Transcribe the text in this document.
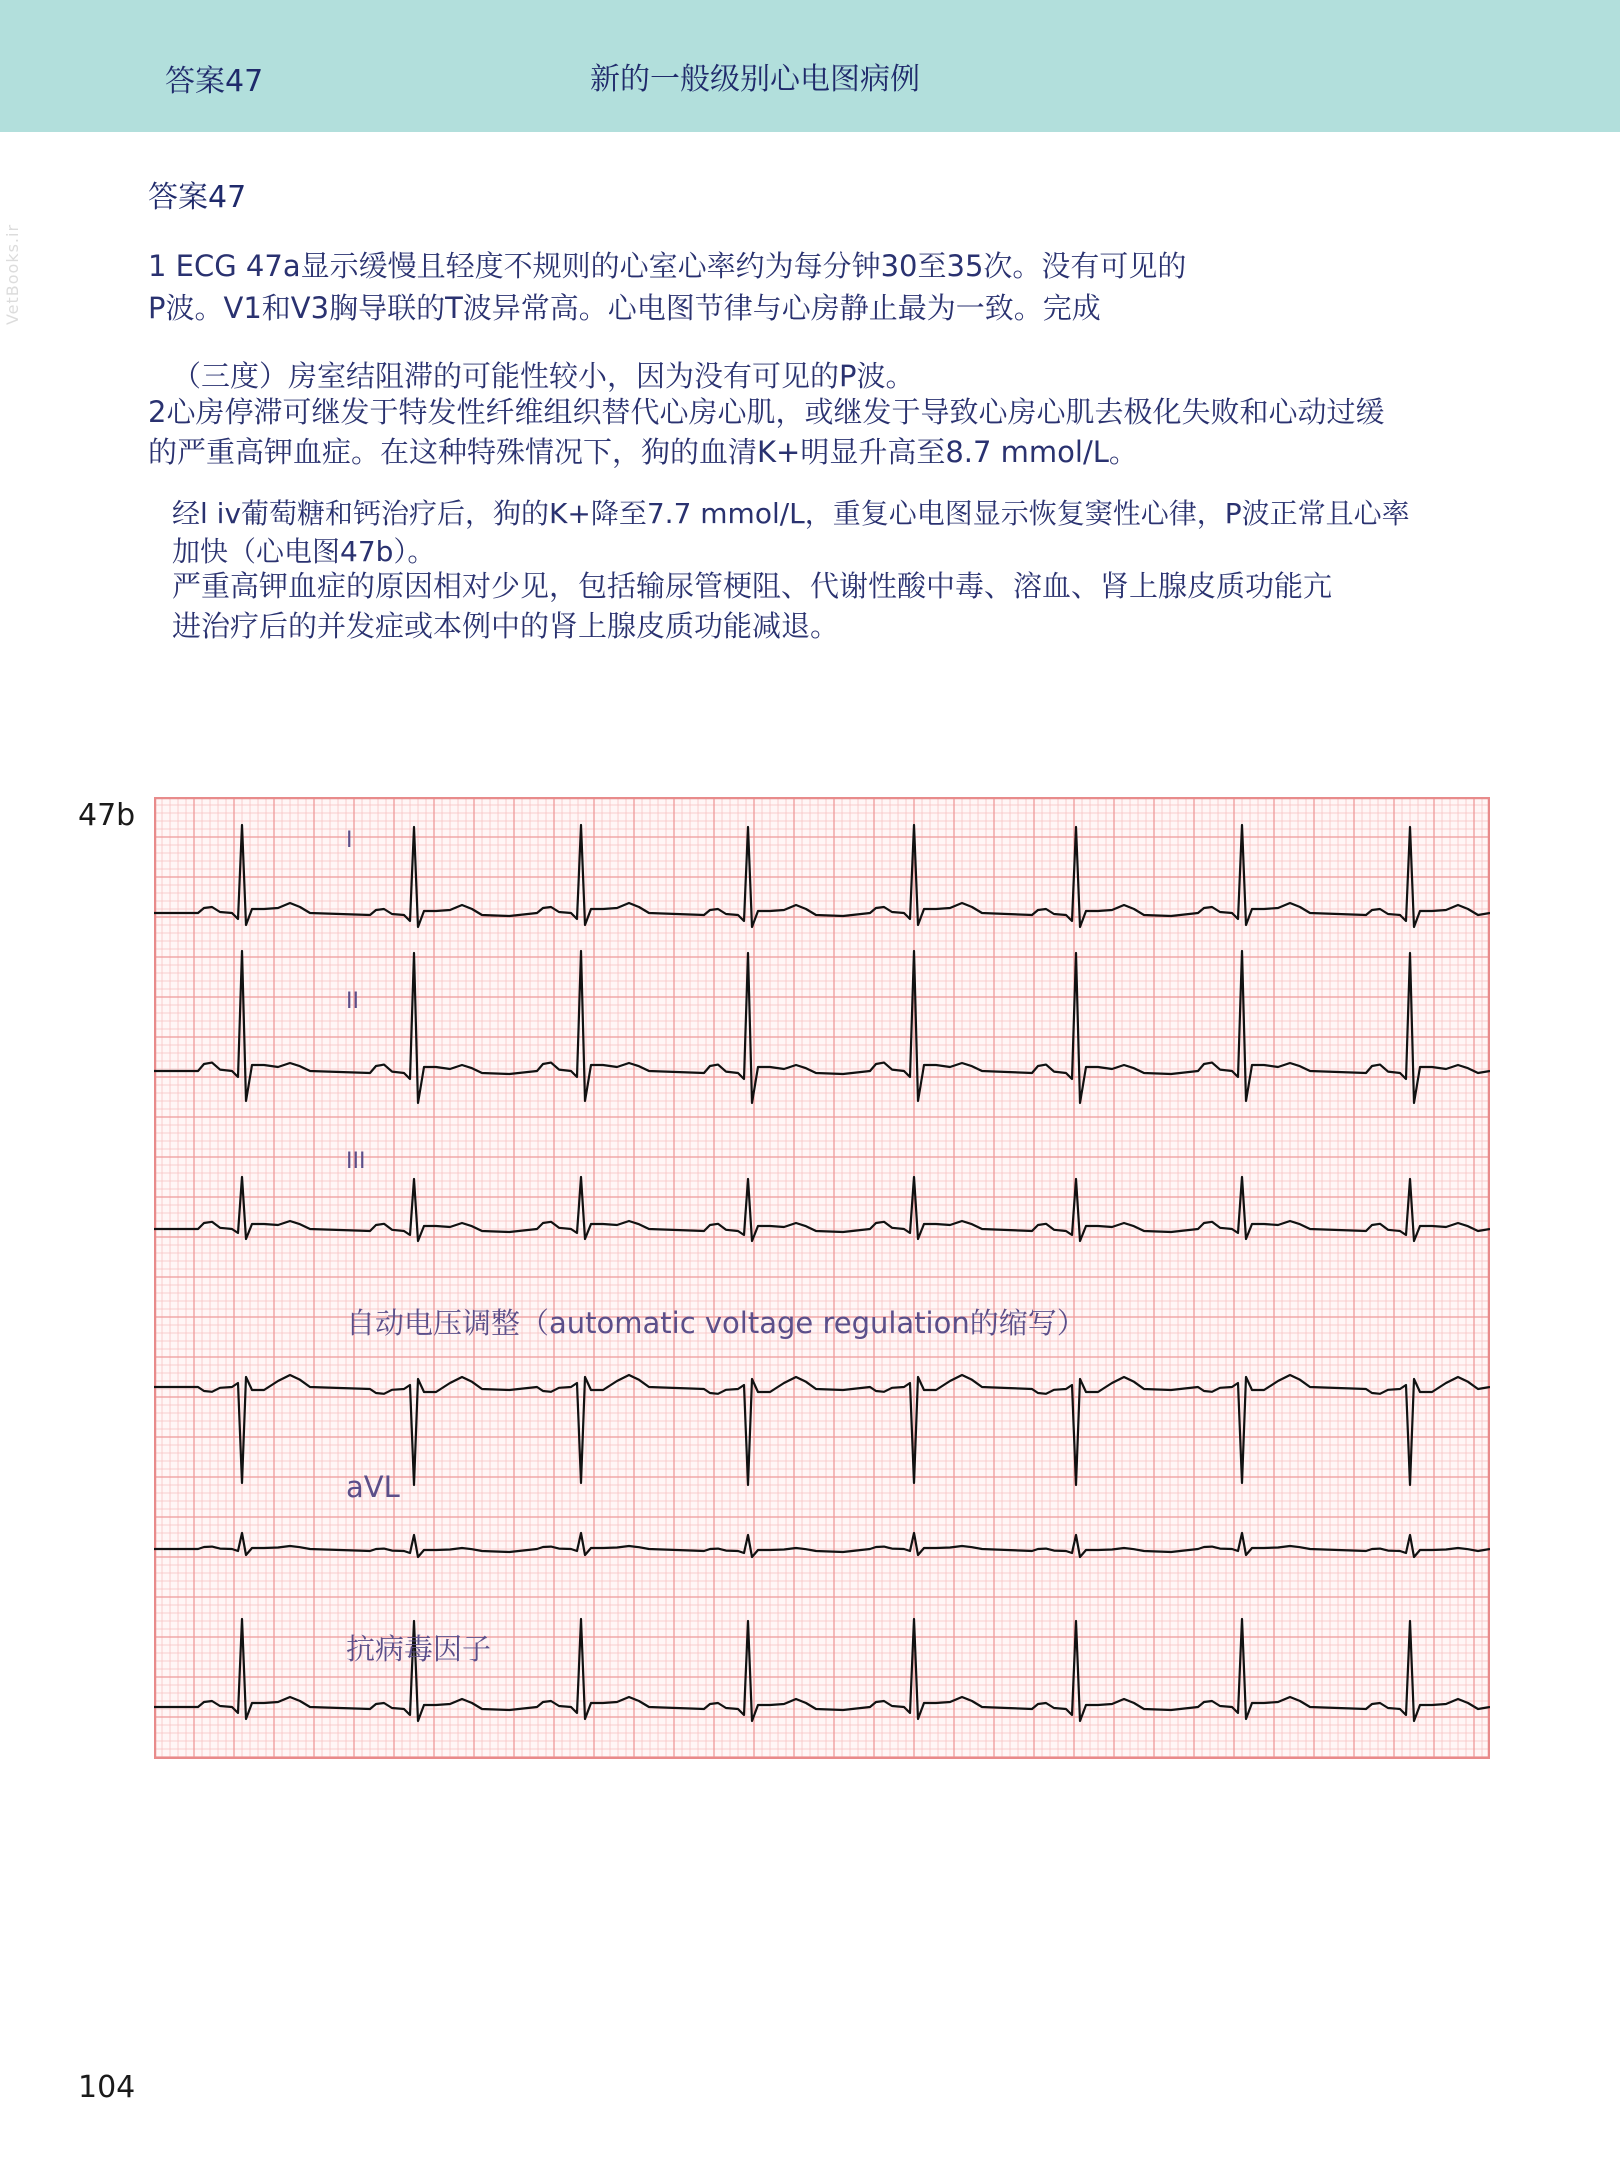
答案47	新的一般级别心电图病例
VetBooks.ir
答案47
1 ECG 47a显示缓慢且轻度不规则的心室心率约为每分钟30至35次。没有可见的
P波。V1和V3胸导联的T波异常高。心电图节律与心房静止最为一致。完成
（三度）房室结阻滞的可能性较小，因为没有可见的P波。
2心房停滞可继发于特发性纤维组织替代心房心肌，或继发于导致心房心肌去极化失败和心动过缓
的严重高钾血症。在这种特殊情况下，狗的血清K+明显升高至8.7 mmol/L。
经l iv葡萄糖和钙治疗后，狗的K+降至7.7 mmol/L，重复心电图显示恢复窦性心律，P波正常且心率
加快（心电图47b）。
严重高钾血症的原因相对少见，包括输尿管梗阻、代谢性酸中毒、溶血、肾上腺皮质功能亢
进治疗后的并发症或本例中的肾上腺皮质功能减退。
47b
I
II
III
自动电压调整（automatic voltage regulation的缩写）
aVL
抗病毒因子
104
